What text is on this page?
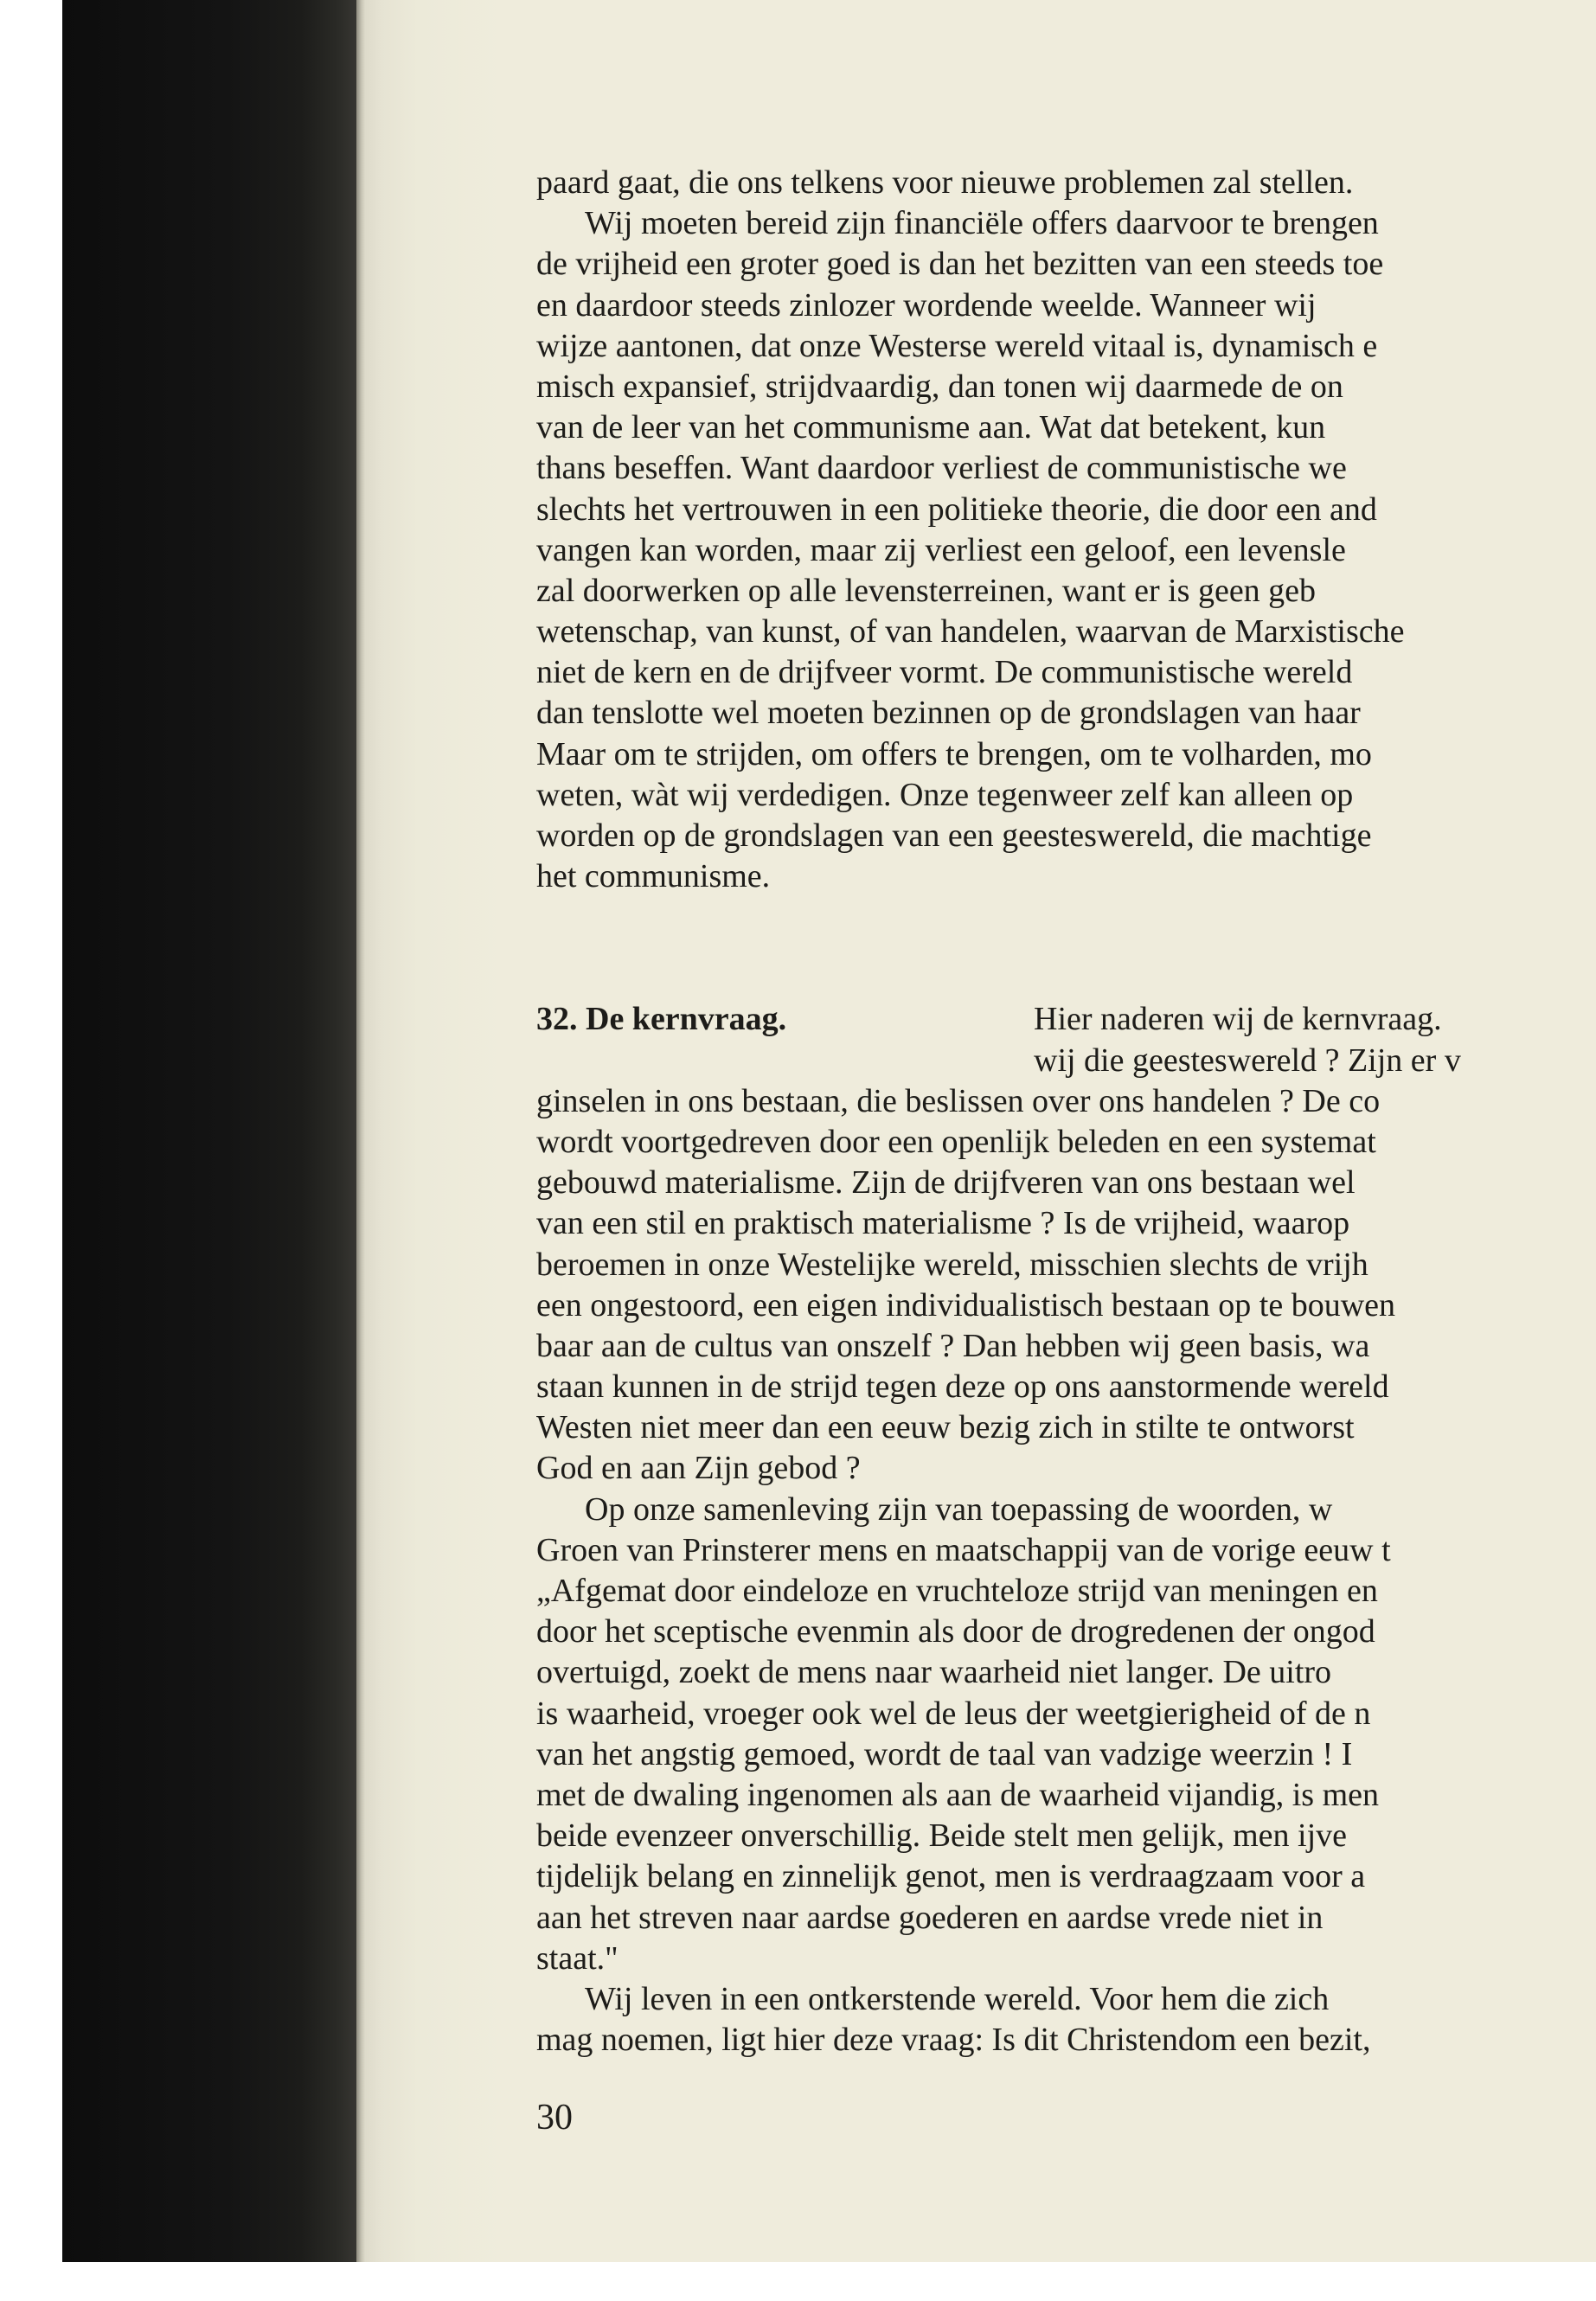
paard gaat, die ons telkens voor nieuwe problemen zal stellen.
Wij moeten bereid zijn financiële offers daarvoor te brengen
de vrijheid een groter goed is dan het bezitten van een steeds toe
en daardoor steeds zinlozer wordende weelde. Wanneer wij
wijze aantonen, dat onze Westerse wereld vitaal is, dynamisch e
misch expansief, strijdvaardig, dan tonen wij daarmede de on
van de leer van het communisme aan. Wat dat betekent, kun
thans beseffen. Want daardoor verliest de communistische we
slechts het vertrouwen in een politieke theorie, die door een and
vangen kan worden, maar zij verliest een geloof, een levensle
zal doorwerken op alle levensterreinen, want er is geen geb
wetenschap, van kunst, of van handelen, waarvan de Marxistische
niet de kern en de drijfveer vormt. De communistische wereld
dan tenslotte wel moeten bezinnen op de grondslagen van haar
Maar om te strijden, om offers te brengen, om te volharden, mo
weten, wàt wij verdedigen. Onze tegenweer zelf kan alleen op
worden op de grondslagen van een geesteswereld, die machtige
het communisme.
32. De kernvraag.	Hier naderen wij de kernvraag.
wij die geesteswereld ? Zijn er v
ginselen in ons bestaan, die beslissen over ons handelen ? De co
wordt voortgedreven door een openlijk beleden en een systemat
gebouwd materialisme. Zijn de drijfveren van ons bestaan wel
van een stil en praktisch materialisme ? Is de vrijheid, waarop
beroemen in onze Westelijke wereld, misschien slechts de vrijh
een ongestoord, een eigen individualistisch bestaan op te bouwen
baar aan de cultus van onszelf ? Dan hebben wij geen basis, wa
staan kunnen in de strijd tegen deze op ons aanstormende wereld
Westen niet meer dan een eeuw bezig zich in stilte te ontworst
God en aan Zijn gebod ?
Op onze samenleving zijn van toepassing de woorden, w
Groen van Prinsterer mens en maatschappij van de vorige eeuw t
„Afgemat door eindeloze en vruchteloze strijd van meningen en
door het sceptische evenmin als door de drogredenen der ongod
overtuigd, zoekt de mens naar waarheid niet langer. De uitro
is waarheid, vroeger ook wel de leus der weetgierigheid of de n
van het angstig gemoed, wordt de taal van vadzige weerzin ! I
met de dwaling ingenomen als aan de waarheid vijandig, is men
beide evenzeer onverschillig. Beide stelt men gelijk, men ijve
tijdelijk belang en zinnelijk genot, men is verdraagzaam voor a
aan het streven naar aardse goederen en aardse vrede niet in
staat."
Wij leven in een ontkerstende wereld. Voor hem die zich
mag noemen, ligt hier deze vraag: Is dit Christendom een bezit,
30
